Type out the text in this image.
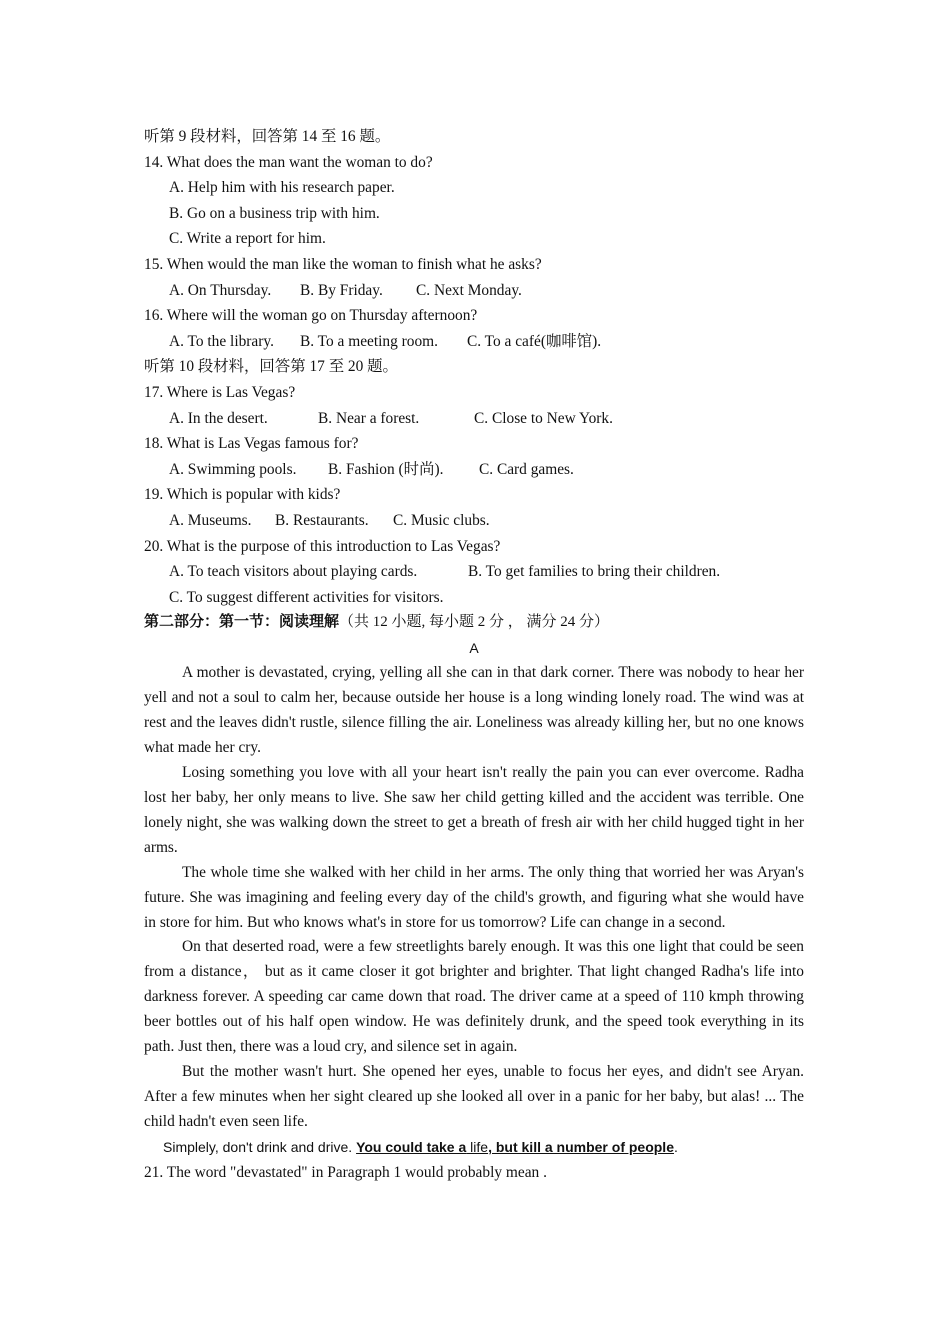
听第 9 段材料，回答第 14 至 16 题。
14. What does the man want the woman to do?
A. Help him with his research paper.
B. Go on a business trip with him.
C. Write a report for him.
15. When would the man like the woman to finish what he asks?
A. On Thursday. B. By Friday. C. Next Monday.
16. Where will the woman go on Thursday afternoon?
A. To the library. B. To a meeting room. C. To a café(咖啡馆).
听第 10 段材料，回答第 17 至 20 题。
17. Where is Las Vegas?
A. In the desert.	B. Near a forest.	C. Close to New York.
18. What is Las Vegas famous for?
A. Swimming pools. B. Fashion (时尚). C. Card games.
19. Which is popular with kids?
A. Museums. B. Restaurants. C. Music clubs.
20. What is the purpose of this introduction to Las Vegas?
A. To teach visitors about playing cards.	B. To get families to bring their children.
C. To suggest different activities for visitors.
第二部分：第一节：阅读理解（共 12 小题, 每小题 2 分 ， 满分 24 分）
A
A mother is devastated, crying, yelling all she can in that dark corner. There was nobody to hear her yell and not a soul to calm her, because outside her house is a long winding lonely road. The wind was at rest and the leaves didn't rustle, silence filling the air. Loneliness was already killing her, but no one knows what made her cry.
Losing something you love with all your heart isn't really the pain you can ever overcome. Radha lost her baby, her only means to live. She saw her child getting killed and the accident was terrible. One lonely night, she was walking down the street to get a breath of fresh air with her child hugged tight in her arms.
The whole time she walked with her child in her arms. The only thing that worried her was Aryan's future. She was imagining and feeling every day of the child's growth, and figuring what she would have in store for him. But who knows what's in store for us tomorrow? Life can change in a second.
On that deserted road, were a few streetlights barely enough. It was this one light that could be seen from a distance， but as it came closer it got brighter and brighter. That light changed Radha's life into darkness forever. A speeding car came down that road. The driver came at a speed of 110 kmph throwing beer bottles out of his half open window. He was definitely drunk, and the speed took everything in its path. Just then, there was a loud cry, and silence set in again.
But the mother wasn't hurt. She opened her eyes, unable to focus her eyes, and didn't see Aryan. After a few minutes when her sight cleared up she looked all over in a panic for her baby, but alas! ... The child hadn't even seen life.
Simplely, don't drink and drive. You could take a life, but kill a number of people.
21. The word "devastated" in Paragraph 1 would probably mean .
